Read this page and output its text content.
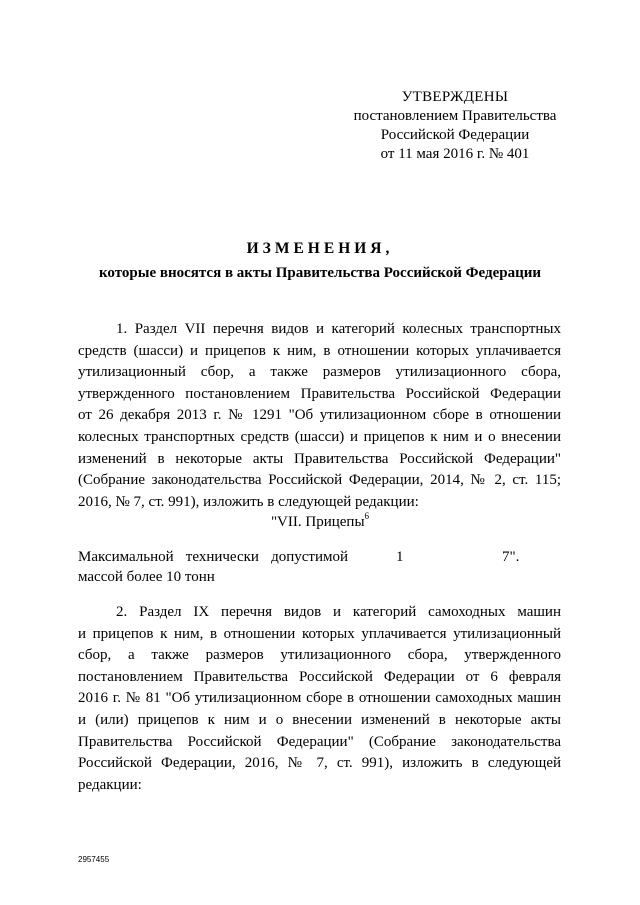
УТВЕРЖДЕНЫ
постановлением Правительства
Российской Федерации
от 11 мая 2016 г. № 401
ИЗМЕНЕНИЯ,
которые вносятся в акты Правительства Российской Федерации
1. Раздел VII перечня видов и категорий колесных транспортных
средств (шасси) и прицепов к ним, в отношении которых уплачивается
утилизационный сбор, а также размеров утилизационного сбора,
утвержденного постановлением Правительства Российской Федерации
от 26 декабря 2013 г. № 1291 "Об утилизационном сборе в отношении
колесных транспортных средств (шасси) и прицепов к ним и о внесении
изменений в некоторые акты Правительства Российской Федерации"
(Собрание законодательства Российской Федерации, 2014, № 2, ст. 115;
2016, № 7, ст. 991), изложить в следующей редакции:
"VII. Прицепы$^6$
Максимальной технически допустимой
массой более 10 тонн
1	7".
2. Раздел IX перечня видов и категорий самоходных машин
и прицепов к ним, в отношении которых уплачивается утилизационный
сбор, а также размеров утилизационного сбора, утвержденного
постановлением Правительства Российской Федерации от 6 февраля
2016 г. № 81 "Об утилизационном сборе в отношении самоходных машин
и (или) прицепов к ним и о внесении изменений в некоторые акты
Правительства Российской Федерации" (Собрание законодательства
Российской Федерации, 2016, № 7, ст. 991), изложить в следующей
редакции:
2957455
